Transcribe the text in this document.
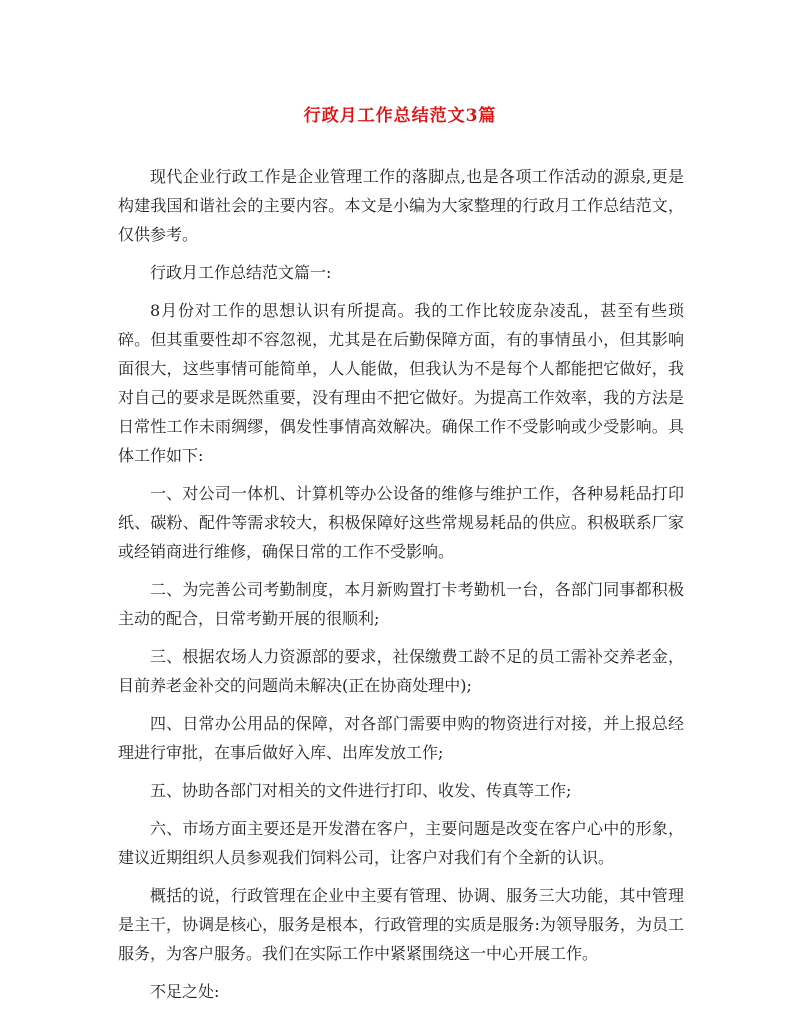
行政月工作总结范文3篇

现代企业行政工作是企业管理工作的落脚点,也是各项工作活动的源泉,更是构建我国和谐社会的主要内容。本文是小编为大家整理的行政月工作总结范文，仅供参考。

行政月工作总结范文篇一:

8月份对工作的思想认识有所提高。我的工作比较庞杂凌乱，甚至有些琐碎。但其重要性却不容忽视，尤其是在后勤保障方面，有的事情虽小，但其影响面很大，这些事情可能简单，人人能做，但我认为不是每个人都能把它做好，我对自己的要求是既然重要，没有理由不把它做好。为提高工作效率，我的方法是日常性工作未雨绸缪，偶发性事情高效解决。确保工作不受影响或少受影响。具体工作如下:

一、对公司一体机、计算机等办公设备的维修与维护工作，各种易耗品打印纸、碳粉、配件等需求较大，积极保障好这些常规易耗品的供应。积极联系厂家或经销商进行维修，确保日常的工作不受影响。

二、为完善公司考勤制度，本月新购置打卡考勤机一台，各部门同事都积极主动的配合，日常考勤开展的很顺利;

三、根据农场人力资源部的要求，社保缴费工龄不足的员工需补交养老金，目前养老金补交的问题尚未解决(正在协商处理中);

四、日常办公用品的保障，对各部门需要申购的物资进行对接，并上报总经理进行审批，在事后做好入库、出库发放工作;

五、协助各部门对相关的文件进行打印、收发、传真等工作;

六、市场方面主要还是开发潜在客户，主要问题是改变在客户心中的形象，建议近期组织人员参观我们饲料公司，让客户对我们有个全新的认识。

概括的说，行政管理在企业中主要有管理、协调、服务三大功能，其中管理是主干，协调是核心，服务是根本，行政管理的实质是服务:为领导服务，为员工服务，为客户服务。我们在实际工作中紧紧围绕这一中心开展工作。

不足之处:
